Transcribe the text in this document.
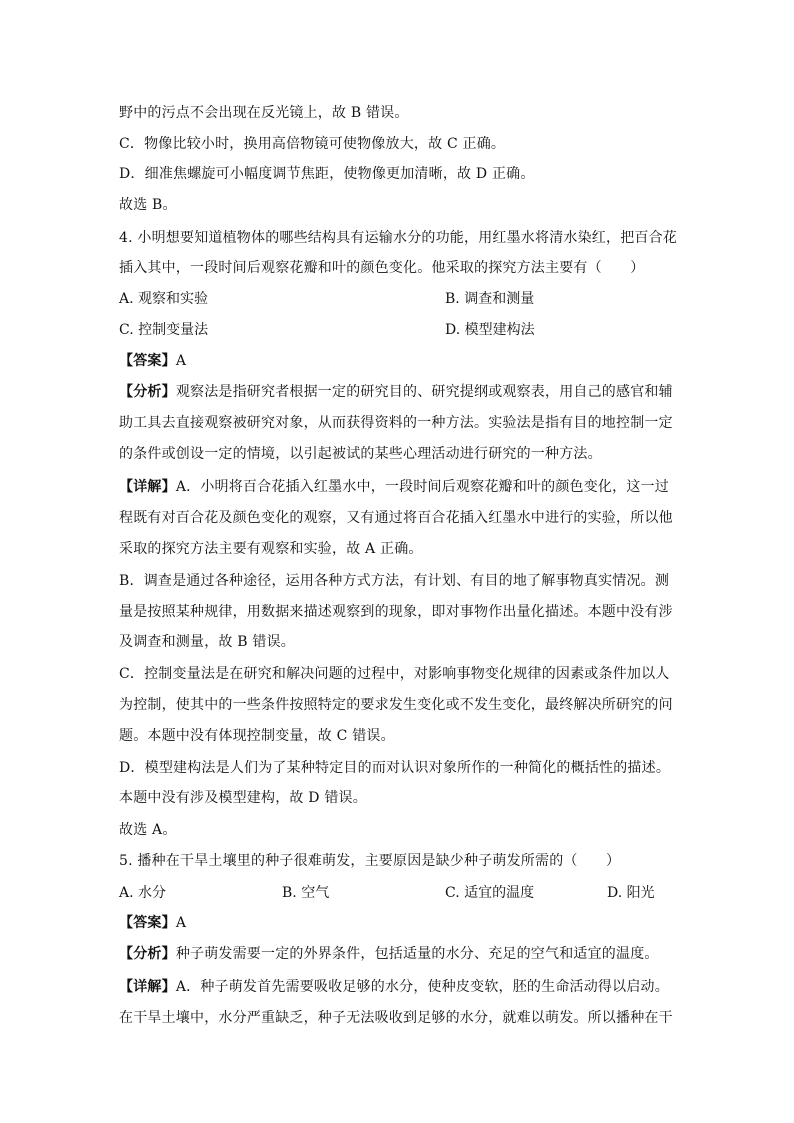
野中的污点不会出现在反光镜上，故 B 错误。
C．物像比较小时，换用高倍物镜可使物像放大，故 C 正确。
D．细准焦螺旋可小幅度调节焦距，使物像更加清晰，故 D 正确。
故选 B。
4. 小明想要知道植物体的哪些结构具有运输水分的功能，用红墨水将清水染红，把百合花
插入其中，一段时间后观察花瓣和叶的颜色变化。他采取的探究方法主要有（　　）
A. 观察和实验	B. 调查和测量
C. 控制变量法	D. 模型建构法
【答案】A
【分析】观察法是指研究者根据一定的研究目的、研究提纲或观察表，用自己的感官和辅
助工具去直接观察被研究对象，从而获得资料的一种方法。实验法是指有目的地控制一定
的条件或创设一定的情境，以引起被试的某些心理活动进行研究的一种方法。
【详解】A．小明将百合花插入红墨水中，一段时间后观察花瓣和叶的颜色变化，这一过
程既有对百合花及颜色变化的观察，又有通过将百合花插入红墨水中进行的实验，所以他
采取的探究方法主要有观察和实验，故 A 正确。
B．调查是通过各种途径，运用各种方式方法，有计划、有目的地了解事物真实情况。测
量是按照某种规律，用数据来描述观察到的现象，即对事物作出量化描述。本题中没有涉
及调查和测量，故 B 错误。
C．控制变量法是在研究和解决问题的过程中，对影响事物变化规律的因素或条件加以人
为控制，使其中的一些条件按照特定的要求发生变化或不发生变化，最终解决所研究的问
题。本题中没有体现控制变量，故 C 错误。
D．模型建构法是人们为了某种特定目的而对认识对象所作的一种简化的概括性的描述。
本题中没有涉及模型建构，故 D 错误。
故选 A。
5. 播种在干旱土壤里的种子很难萌发，主要原因是缺少种子萌发所需的（　　）
A. 水分	B. 空气	C. 适宜的温度	D. 阳光
【答案】A
【分析】种子萌发需要一定的外界条件，包括适量的水分、充足的空气和适宜的温度。
【详解】A．种子萌发首先需要吸收足够的水分，使种皮变软，胚的生命活动得以启动。
在干旱土壤中，水分严重缺乏，种子无法吸收到足够的水分，就难以萌发。所以播种在干
